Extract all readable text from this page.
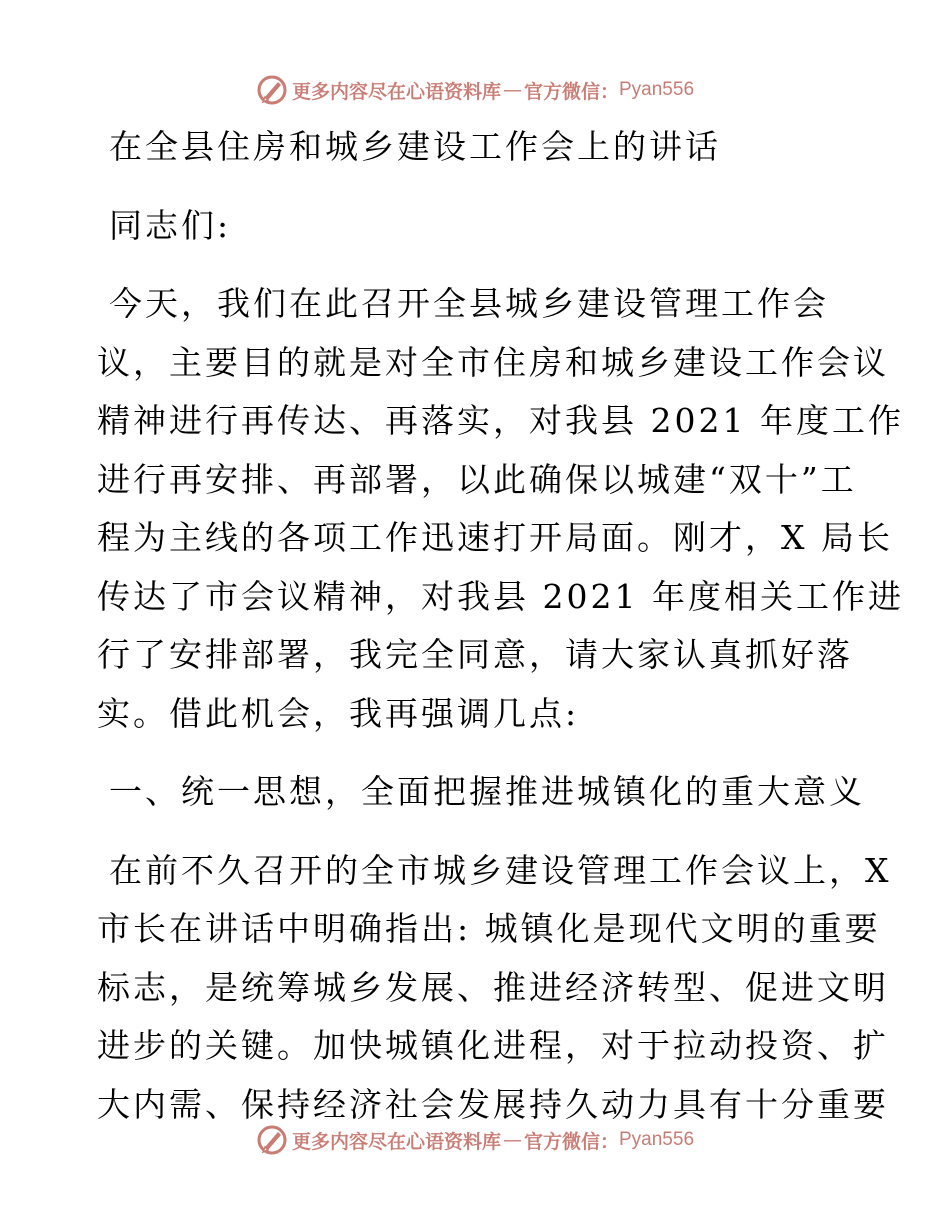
更多内容尽在心语资料库 — 官方微信： Pyan556
在全县住房和城乡建设工作会上的讲话
同志们:
今天，我们在此召开全县城乡建设管理工作会
议，主要目的就是对全市住房和城乡建设工作会议
精神进行再传达、再落实，对我县 2021 年度工作
进行再安排、再部署，以此确保以城建“双十”工
程为主线的各项工作迅速打开局面。刚才，X 局长
传达了市会议精神，对我县 2021 年度相关工作进
行了安排部署，我完全同意，请大家认真抓好落
实。借此机会，我再强调几点:
一、统一思想，全面把握推进城镇化的重大意义
在前不久召开的全市城乡建设管理工作会议上，X
市长在讲话中明确指出: 城镇化是现代文明的重要
标志，是统筹城乡发展、推进经济转型、促进文明
进步的关键。加快城镇化进程，对于拉动投资、扩
大内需、保持经济社会发展持久动力具有十分重要
更多内容尽在心语资料库 — 官方微信： Pyan556
